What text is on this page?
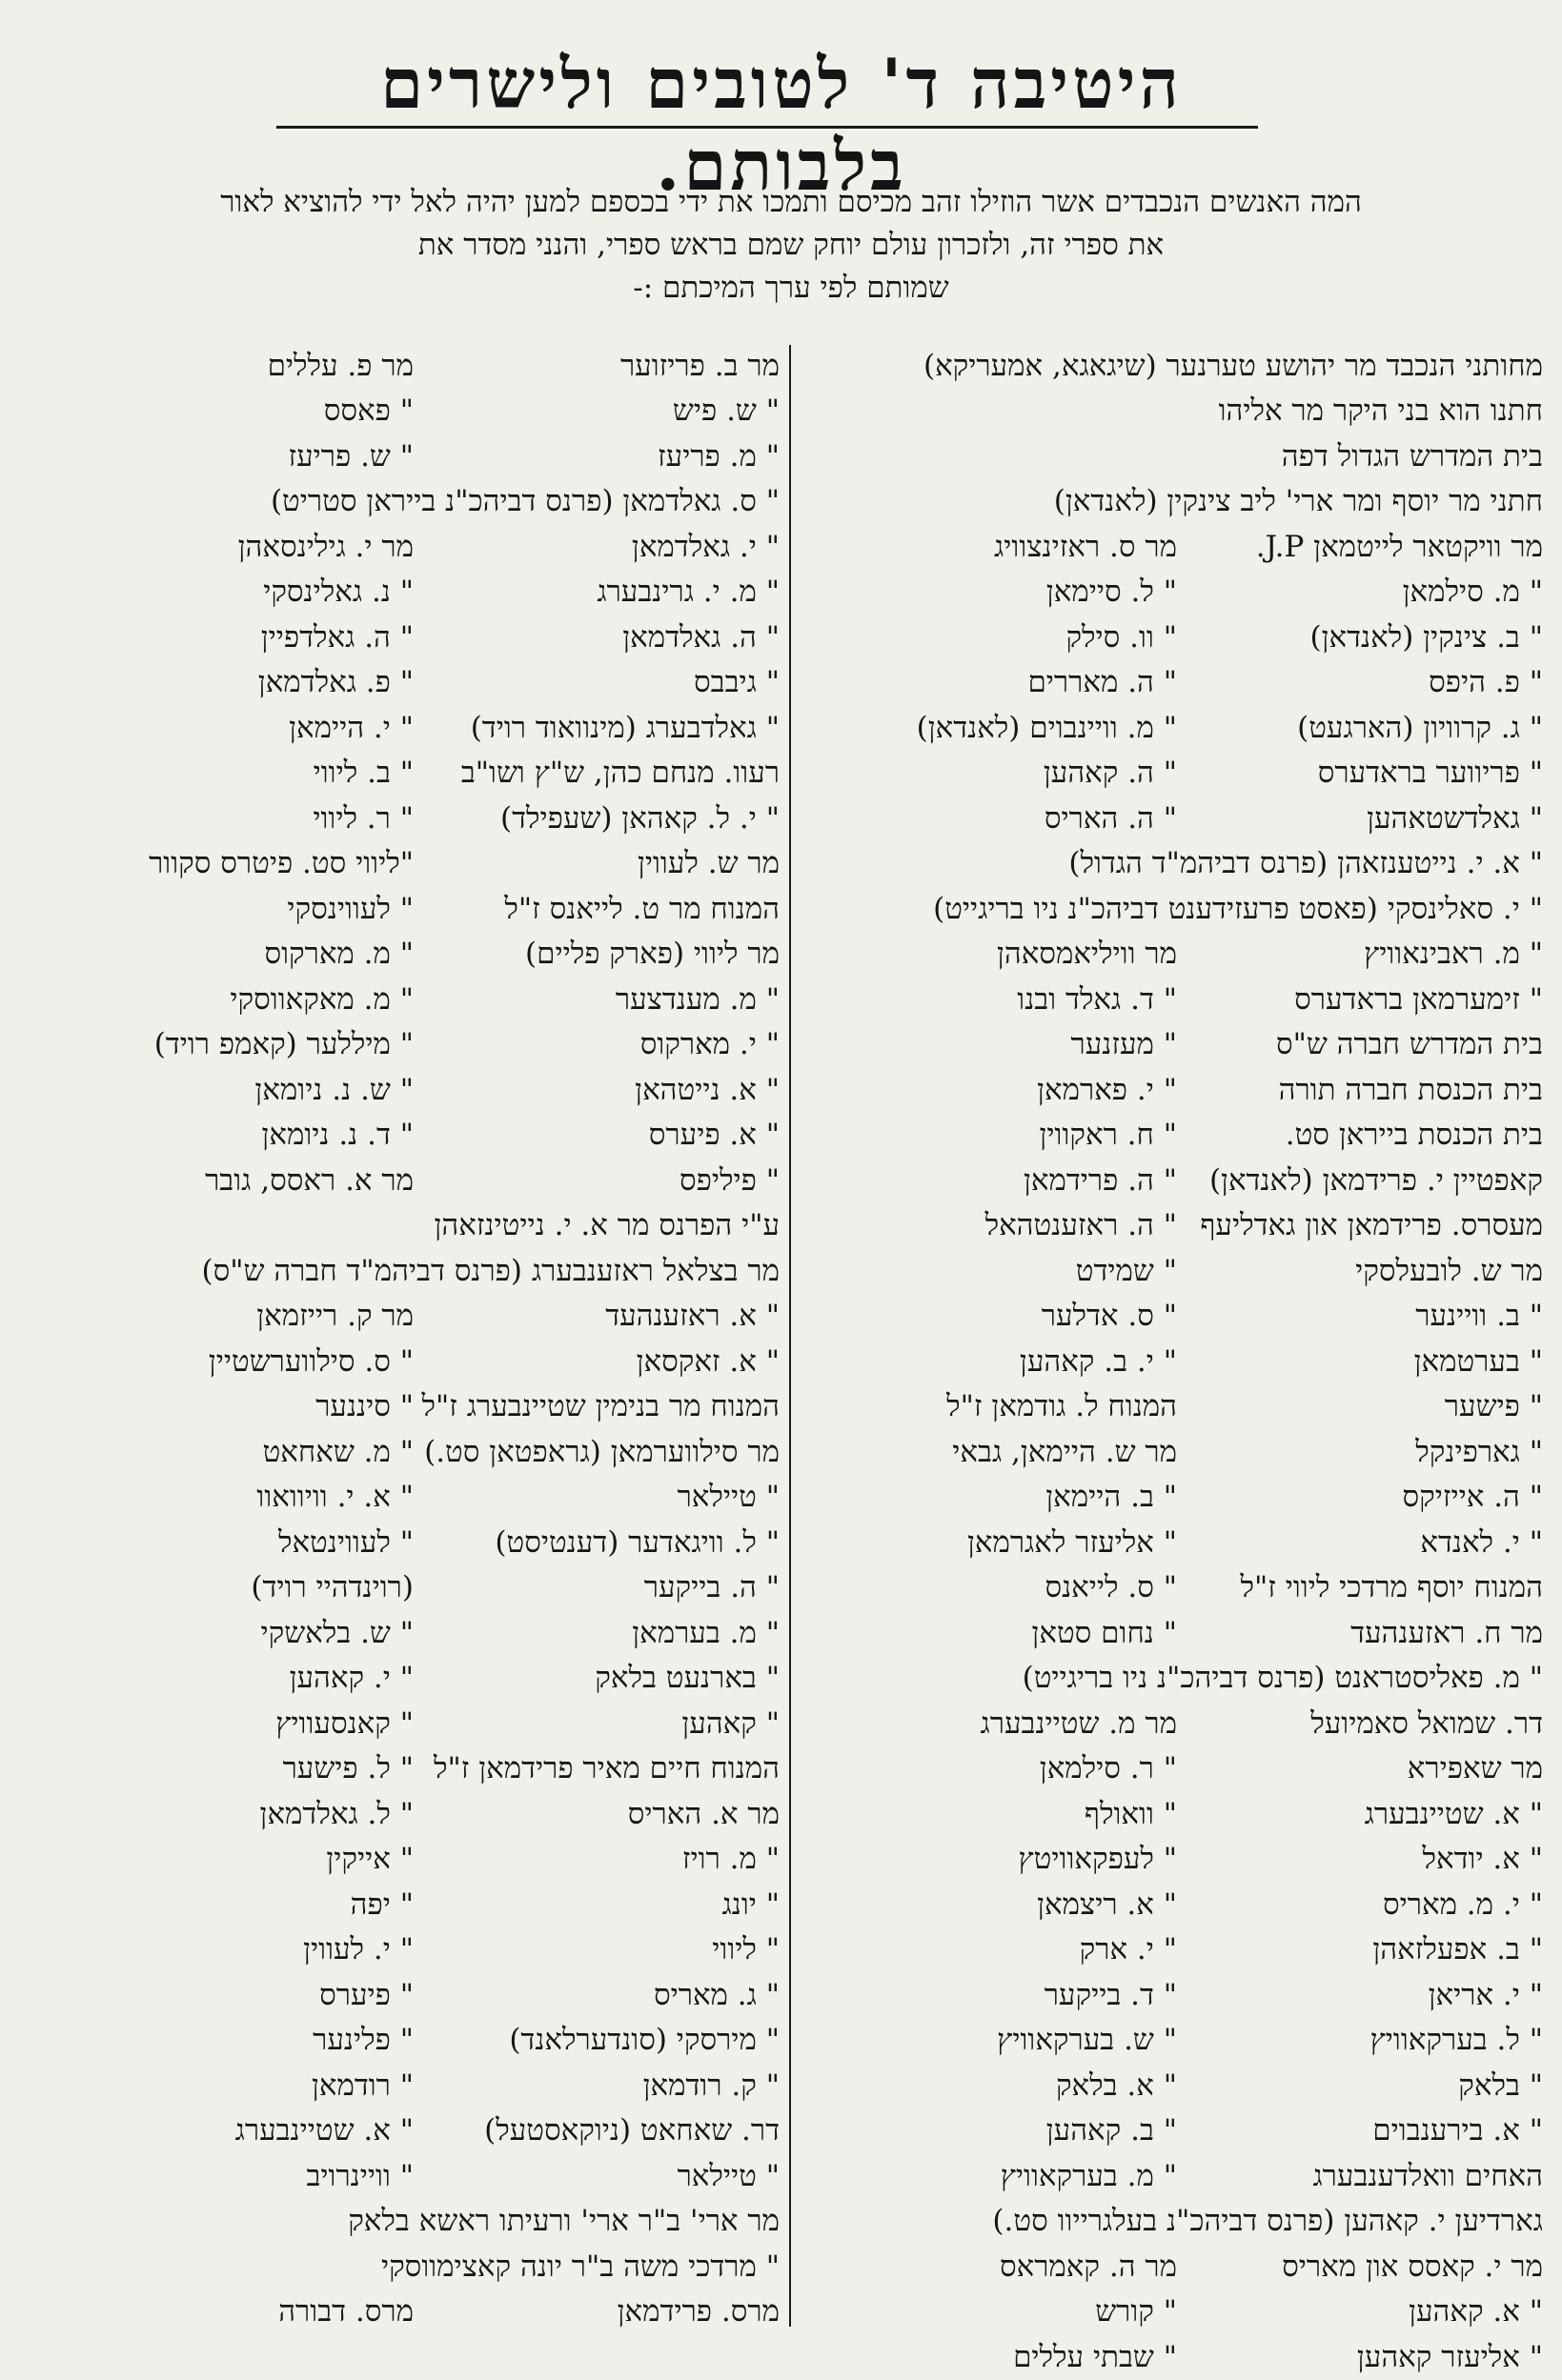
היטיבה ד' לטובים ולישרים בלבותם.

המה האנשים הנכבדים אשר הוזילו זהב מכיסם ותמכו את ידי בכספם למען יהיה לאל ידי להוציא לאור

את ספרי זה, ולזכרון עולם יוחק שמם בראש ספרי, והנני מסדר את

שמותם לפי ערך המיכתם :-

מחותני הנכבד מר יהושע טערנער (שיגאגא, אמעריקא)
חתנו הוא בני היקר מר אליהו
בית המדרש הגדול דפה
חתני מר יוסף ומר ארי' ליב צינקין (לאנדאן)
מר וויקטאר לייטמאן J.P.
מר ס. ראזינצוויג
" מ. סילמאן
" ל. סיימאן
" ב. צינקין (לאנדאן)
" וו. סילק
" פ. היפס
" ה. מאררים
" ג. קרוויון (הארגעט)
" מ. וויינבוים (לאנדאן)
" פריווער בראדערס
" ה. קאהען
" גאלדשטאהען
" ה. האריס
" א. י. נייטענזאהן (פרנס דביהמ"ד הגדול)
" י. סאלינסקי (פאסט פרעזידענט דביהכ"נ ניו בריגייט)
" מ. ראבינאוויץ
מר וויליאמסאהן
" זימערמאן בראדערס
" ד. גאלד ובנו
בית המדרש חברה ש"ס
" מעזנער
בית הכנסת חברה תורה
" י. פארמאן
בית הכנסת בייראן סט.
" ח. ראקווין
קאפטיין י. פרידמאן (לאנדאן)
" ה. פרידמאן
מעסרס. פרידמאן און גאדליעף
" ה. ראזענטהאל
מר ש. לובעלסקי
" שמידט
" ב. וויינער
" ס. אדלער
" בערטמאן
" י. ב. קאהען
" פישער
המנוח ל. גודמאן ז"ל
" גארפינקל
מר ש. היימאן, גבאי
" ה. אייזיקס
" ב. היימאן
" י. לאנדא
" אליעזר לאגרמאן
המנוח יוסף מרדכי ליווי ז"ל
" ס. לייאנס
מר ח. ראזענהעד
" נחום סטאן
" מ. פאליסטראנט (פרנס דביהכ"נ ניו בריגייט)
דר. שמואל סאמיועל
מר מ. שטיינבערג
מר שאפירא
" ר. סילמאן
" א. שטיינבערג
" וואולף
" א. יודאל
" לעפקאוויטץ
" י. מ. מאריס
" א. ריצמאן
" ב. אפעלזאהן
" י. ארק
" י. אריאן
" ד. בייקער
" ל. בערקאוויץ
" ש. בערקאוויץ
" בלאק
" א. בלאק
" א. בירענבוים
" ב. קאהען
האחים וואלדענבערג
" מ. בערקאוויץ
גארדיען י. קאהען (פרנס דביהכ"נ בעלגרייוו סט.)
מר י. קאסס און מאריס
מר ה. קאמראס
" א. קאהען
" קורש
" אליעזר קאהען
" שבתי עללים
מר ב. פריזוער
מר פ. עללים
" ש. פיש
" פאסס
" מ. פריעז
" ש. פריעז
" ס. גאלדמאן (פרנס דביהכ"נ בייראן סטריט)
" י. גאלדמאן
מר י. גילינסאהן
" מ. י. גרינבערג
" נ. גאלינסקי
" ה. גאלדמאן
" ה. גאלדפיין
" גיבבס
" פ. גאלדמאן
" גאלדבערג (מינוואוד רויד)
" י. היימאן
רעוו. מנחם כהן, ש"ץ ושו"ב
" ב. ליווי
" י. ל. קאהאן (שעפילד)
" ר. ליווי
מר ש. לעווין
"ליווי סט. פיטרס סקוור
המנוח מר ט. לייאנס ז"ל
" לעווינסקי
מר ליווי (פארק פליים)
" מ. מארקוס
" מ. מענדצער
" מ. מאקאווסקי
" י. מארקוס
" מיללער (קאמפ רויד)
" א. נייטהאן
" ש. נ. ניומאן
" א. פיערס
" ד. נ. ניומאן
" פיליפס
מר א. ראסס, גובר
ע"י הפרנס מר א. י. נייטינזאהן
מר בצלאל ראזענבערג (פרנס דביהמ"ד חברה ש"ס)
" א. ראזענהעד
מר ק. רייזמאן
" א. זאקסאן
" ס. סילווערשטיין
המנוח מר בנימין שטיינבערג ז"ל
" סיננער
מר סילווערמאן (גראפטאן סט.)
" מ. שאחאט
" טיילאר
" א. י. וויוואוו
" ל. וויגאדער (דענטיסט)
" לעווינטאל
" ה. בייקער
(רוינדהיי רויד)
" מ. בערמאן
" ש. בלאשקי
" בארנעט בלאק
" י. קאהען
" קאהען
" קאנסעוויץ
המנוח חיים מאיר פרידמאן ז"ל
" ל. פישער
מר א. האריס
" ל. גאלדמאן
" מ. רויז
" אייקין
" יונג
" יפה
" ליווי
" י. לעווין
" ג. מאריס
" פיערס
" מירסקי (סונדערלאנד)
" פלינער
" ק. רודמאן
" רודמאן
דר. שאחאט (ניוקאסטעל)
" א. שטיינבערג
" טיילאר
" וויינרויב
מר ארי' ב"ר ארי' ורעיתו ראשא בלאק
" מרדכי משה ב"ר יונה קאצימווסקי
מרס. פרידמאן
מרס. דבורה
